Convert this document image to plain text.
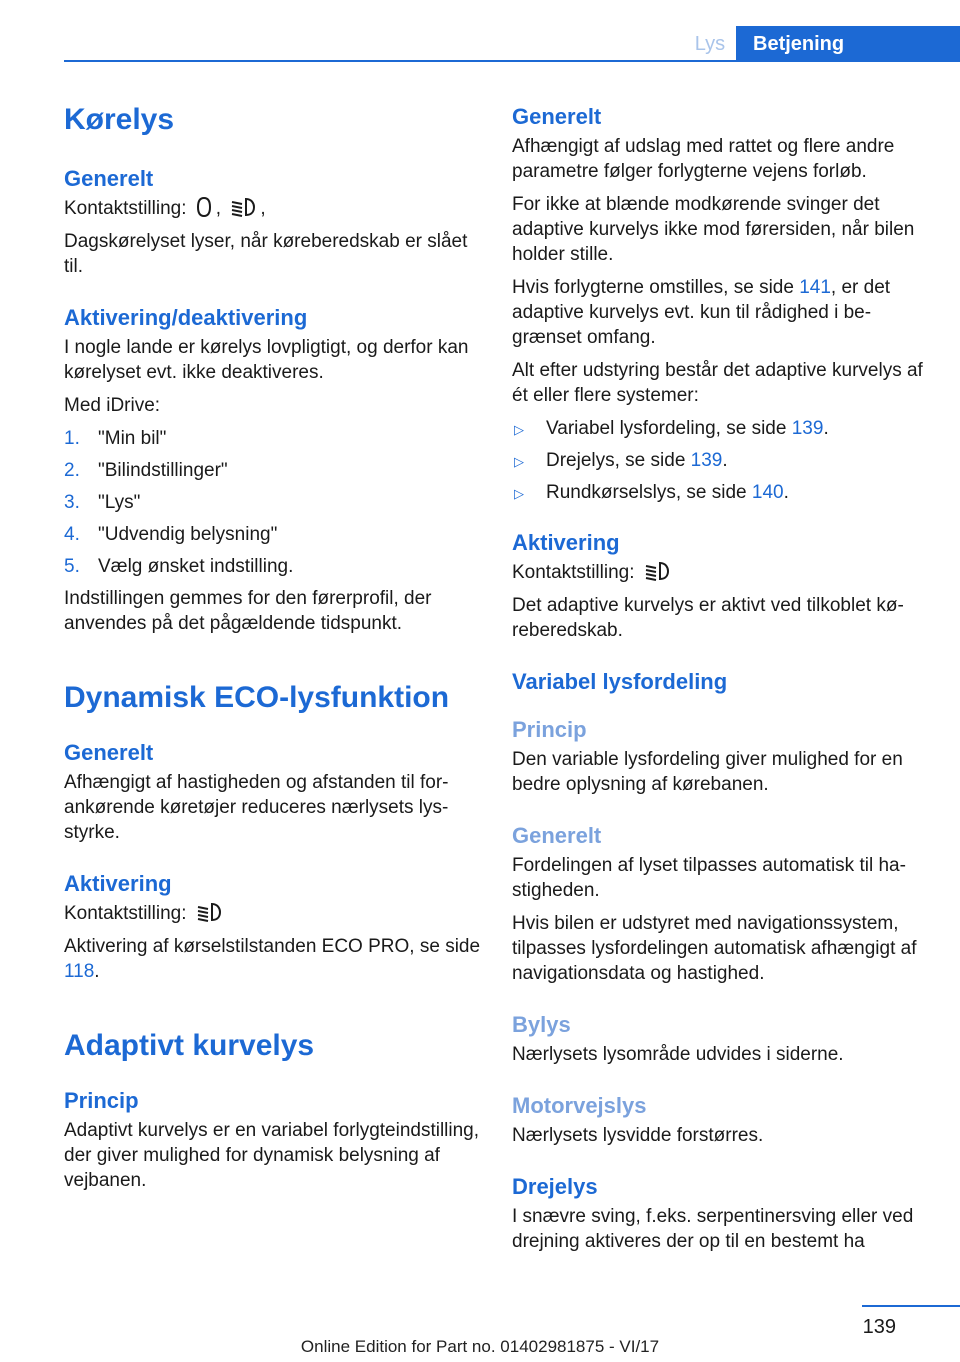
Lys	Betjening
Kørelys
Generelt

Kontaktstilling: , ,

Dagskørelyset lyser, når køreberedskab er slået til.

Aktivering/deaktivering

I nogle lande er kørelys lovpligtigt, og derfor kan kørelyset evt. ikke deaktiveres.

Med iDrive:

1. "Min bil"
2. "Bilindstillinger"
3. "Lys"
4. "Udvendig belysning"
5. Vælg ønsket indstilling.

Indstillingen gemmes for den førerprofil, der anvendes på det pågældende tidspunkt.

Dynamisk ECO-lysfunktion
Generelt

Afhængigt af hastigheden og afstanden til forankørende køretøjer reduceres nærlysets lysstyrke.

Aktivering

Kontaktstilling:

Aktivering af kørselstilstanden ECO PRO, se side 118.

Adaptivt kurvelys
Princip

Adaptivt kurvelys er en variabel forlygteindstilling, der giver mulighed for dynamisk belysning af vejbanen.

Generelt

Afhængigt af udslag med rattet og flere andre parametre følger forlygterne vejens forløb.

For ikke at blænde modkørende svinger det adaptive kurvelys ikke mod førersiden, når bilen holder stille.

Hvis forlygterne omstilles, se side 141, er det adaptive kurvelys evt. kun til rådighed i begrænset omfang.

Alt efter udstyring består det adaptive kurvelys af ét eller flere systemer:

▷ Variabel lysfordeling, se side 139.
▷ Drejelys, se side 139.
▷ Rundkørselslys, se side 140.
Aktivering

Kontaktstilling:

Det adaptive kurvelys er aktivt ved tilkoblet køreberedskab.

Variabel lysfordeling
Princip

Den variable lysfordeling giver mulighed for en bedre oplysning af kørebanen.

Generelt

Fordelingen af lyset tilpasses automatisk til hastigheden.

Hvis bilen er udstyret med navigationssystem, tilpasses lysfordelingen automatisk afhængigt af navigationsdata og hastighed.

Bylys

Nærlysets lysområde udvides i siderne.

Motorvejslys

Nærlysets lysvidde forstørres.

Drejelys

I snævre sving, f.eks. serpentinersving eller ved drejning aktiveres der op til en bestemt ha

139
Online Edition for Part no. 01402981875 - VI/17
